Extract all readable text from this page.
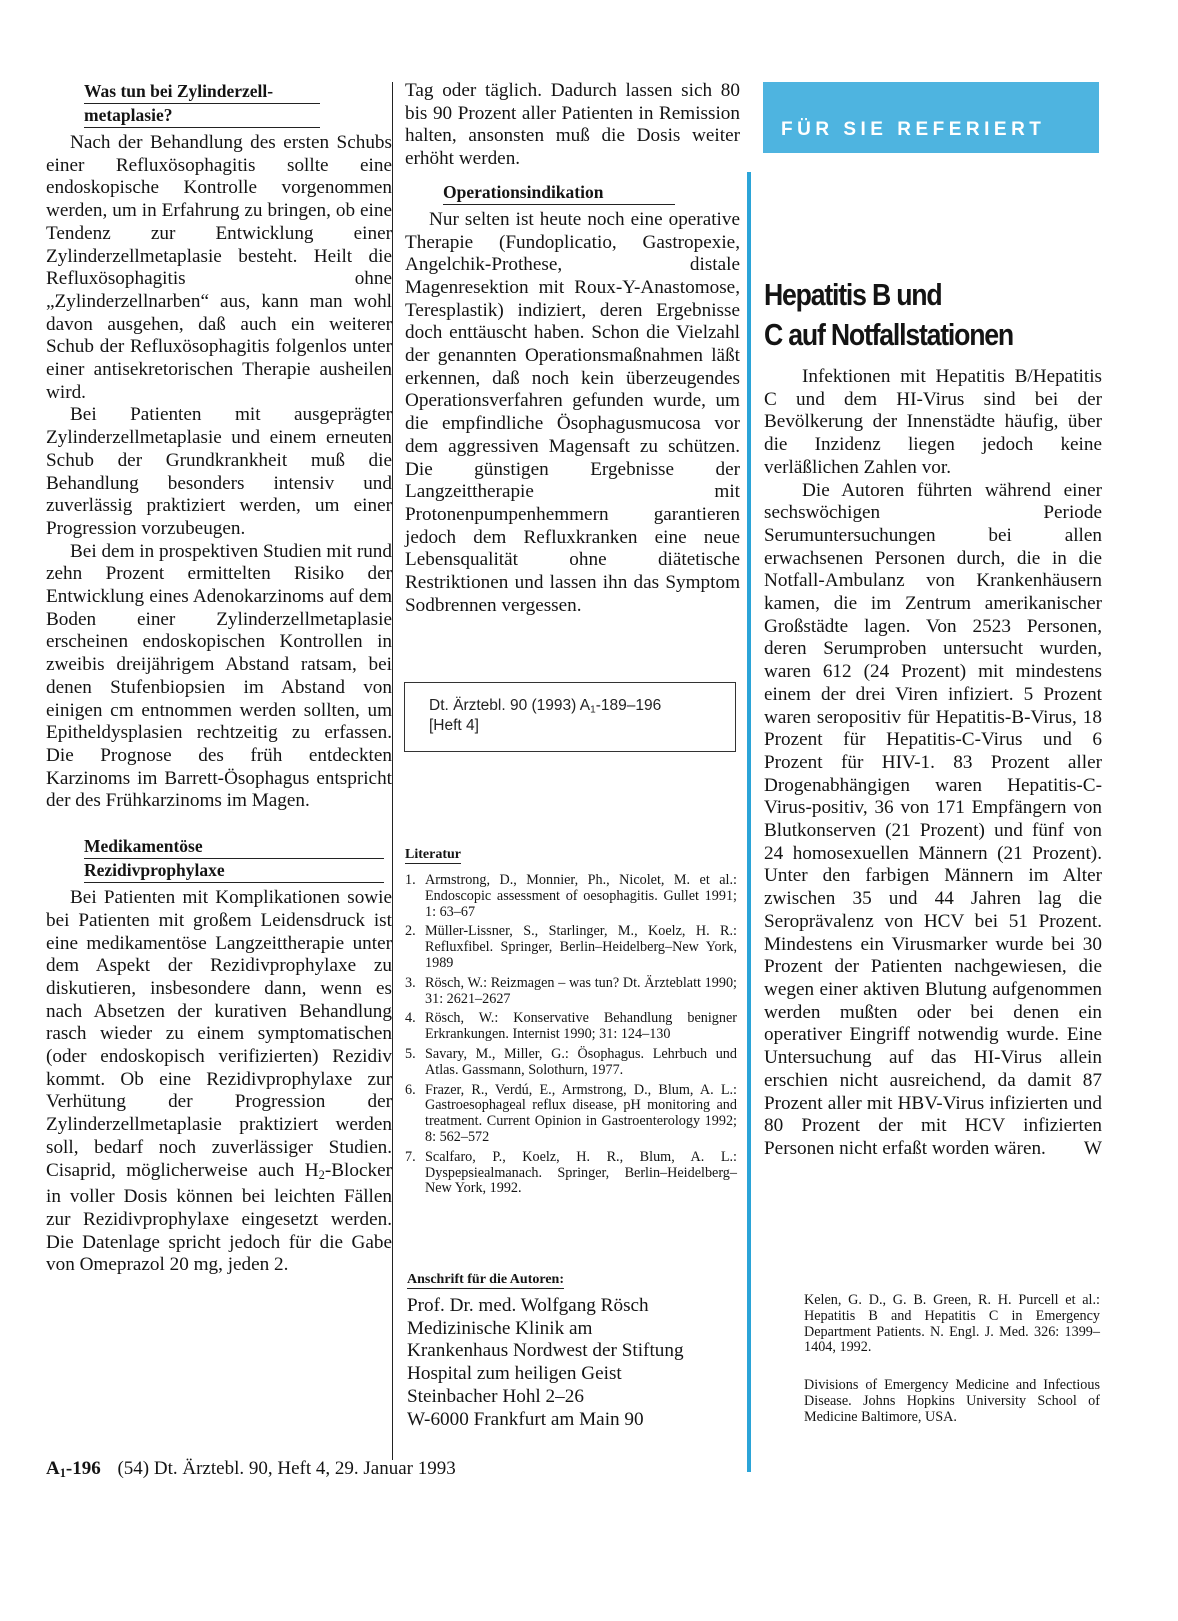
Was tun bei Zylinderzell-
metaplasie?

Nach der Behandlung des ersten Schubs einer Refluxösophagitis sollte eine endoskopische Kontrolle vorgenommen werden, um in Erfahrung zu bringen, ob eine Tendenz zur Entwicklung einer Zylinderzellmetaplasie besteht. Heilt die Refluxösophagitis ohne „Zylinderzellnarben“ aus, kann man wohl davon ausgehen, daß auch ein weiterer Schub der Refluxösophagitis folgenlos unter einer antisekretorischen Therapie ausheilen wird.

Bei Patienten mit ausgeprägter Zylinderzellmetaplasie und einem erneuten Schub der Grundkrankheit muß die Behandlung besonders intensiv und zuverlässig praktiziert werden, um einer Progression vorzubeugen.

Bei dem in prospektiven Studien mit rund zehn Prozent ermittelten Risiko der Entwicklung eines Adenokarzinoms auf dem Boden einer Zylinderzellmetaplasie erscheinen endoskopischen Kontrollen in zweibis dreijährigem Abstand ratsam, bei denen Stufenbiopsien im Abstand von einigen cm entnommen werden sollten, um Epitheldysplasien rechtzeitig zu erfassen. Die Prognose des früh entdeckten Karzinoms im Barrett-Ösophagus entspricht der des Frühkarzinoms im Magen.

Medikamentöse
Rezidivprophylaxe

Bei Patienten mit Komplikationen sowie bei Patienten mit großem Leidensdruck ist eine medikamentöse Langzeittherapie unter dem Aspekt der Rezidivprophylaxe zu diskutieren, insbesondere dann, wenn es nach Absetzen der kurativen Behandlung rasch wieder zu einem symptomatischen (oder endoskopisch verifizierten) Rezidiv kommt. Ob eine Rezidivprophylaxe zur Verhütung der Progression der Zylinderzellmetaplasie praktiziert werden soll, bedarf noch zuverlässiger Studien. Cisaprid, möglicherweise auch $H_2$-Blocker in voller Dosis können bei leichten Fällen zur Rezidivprophylaxe eingesetzt werden. Die Datenlage spricht jedoch für die Gabe von Omeprazol 20 mg, jeden 2.

Tag oder täglich. Dadurch lassen sich 80 bis 90 Prozent aller Patienten in Remission halten, ansonsten muß die Dosis weiter erhöht werden.

Operationsindikation

Nur selten ist heute noch eine operative Therapie (Fundoplicatio, Gastropexie, Angelchik-Prothese, distale Magenresektion mit Roux-Y-Anastomose, Teresplastik) indiziert, deren Ergebnisse doch enttäuscht haben. Schon die Vielzahl der genannten Operationsmaßnahmen läßt erkennen, daß noch kein überzeugendes Operationsverfahren gefunden wurde, um die empfindliche Ösophagusmucosa vor dem aggressiven Magensaft zu schützen. Die günstigen Ergebnisse der Langzeittherapie mit Protonenpumpenhemmern garantieren jedoch dem Refluxkranken eine neue Lebensqualität ohne diätetische Restriktionen und lassen ihn das Symptom Sodbrennen vergessen.

Dt. Ärztebl. 90 (1993) $A_1-189-196$
[Heft 4]
Literatur
1. Armstrong, D., Monnier, Ph., Nicolet, M. et al.: Endoscopic assessment of oesophagitis. Gullet 1991; 1: 63–67
2. Müller-Lissner, S., Starlinger, M., Koelz, H. R.: Refluxfibel. Springer, Berlin–Heidelberg–New York, 1989
3. Rösch, W.: Reizmagen – was tun? Dt. Ärzteblatt 1990; 31: 2621–2627
4. Rösch, W.: Konservative Behandlung benigner Erkrankungen. Internist 1990; 31: 124–130
5. Savary, M., Miller, G.: Ösophagus. Lehrbuch und Atlas. Gassmann, Solothurn, 1977.
6. Frazer, R., Verdú, E., Armstrong, D., Blum, A. L.: Gastroesophageal reflux disease, pH monitoring and treatment. Current Opinion in Gastroenterology 1992; 8: 562–572
7. Scalfaro, P., Koelz, H. R., Blum, A. L.: Dyspepsiealmanach. Springer, Berlin–Heidelberg–New York, 1992.
Anschrift für die Autoren:
Prof. Dr. med. Wolfgang Rösch
Medizinische Klinik am
Krankenhaus Nordwest der Stiftung
Hospital zum heiligen Geist
Steinbacher Hohl 2–26
W-6000 Frankfurt am Main 90
FÜR SIE REFERIERT
Hepatitis B und
C auf Notfallstationen

Infektionen mit Hepatitis B/Hepatitis C und dem HI-Virus sind bei der Bevölkerung der Innenstädte häufig, über die Inzidenz liegen jedoch keine verläßlichen Zahlen vor.

Die Autoren führten während einer sechswöchigen Periode Serumuntersuchungen bei allen erwachsenen Personen durch, die in die Notfall-Ambulanz von Krankenhäusern kamen, die im Zentrum amerikanischer Großstädte lagen. Von 2523 Personen, deren Serumproben untersucht wurden, waren 612 (24 Prozent) mit mindestens einem der drei Viren infiziert. 5 Prozent waren seropositiv für Hepatitis-B-Virus, 18 Prozent für Hepatitis-C-Virus und 6 Prozent für HIV-1. 83 Prozent aller Drogenabhängigen waren Hepatitis-C-Virus-positiv, 36 von 171 Empfängern von Blutkonserven (21 Prozent) und fünf von 24 homosexuellen Männern (21 Prozent). Unter den farbigen Männern im Alter zwischen 35 und 44 Jahren lag die Seroprävalenz von HCV bei 51 Prozent. Mindestens ein Virusmarker wurde bei 30 Prozent der Patienten nachgewiesen, die wegen einer aktiven Blutung aufgenommen werden mußten oder bei denen ein operativer Eingriff notwendig wurde. Eine Untersuchung auf das HI-Virus allein erschien nicht ausreichend, da damit 87 Prozent aller mit HBV-Virus infizierten und 80 Prozent der mit HCV infizierten Personen nicht erfaßt worden wären.	W

Kelen, G. D., G. B. Green, R. H. Purcell et al.: Hepatitis B and Hepatitis C in Emergency Department Patients. N. Engl. J. Med. 326: 1399–1404, 1992.
Divisions of Emergency Medicine and Infectious Disease. Johns Hopkins University School of Medicine Baltimore, USA.
$A_1-196$ (54) Dt. Ärztebl. 90, Heft 4, 29. Januar 1993
